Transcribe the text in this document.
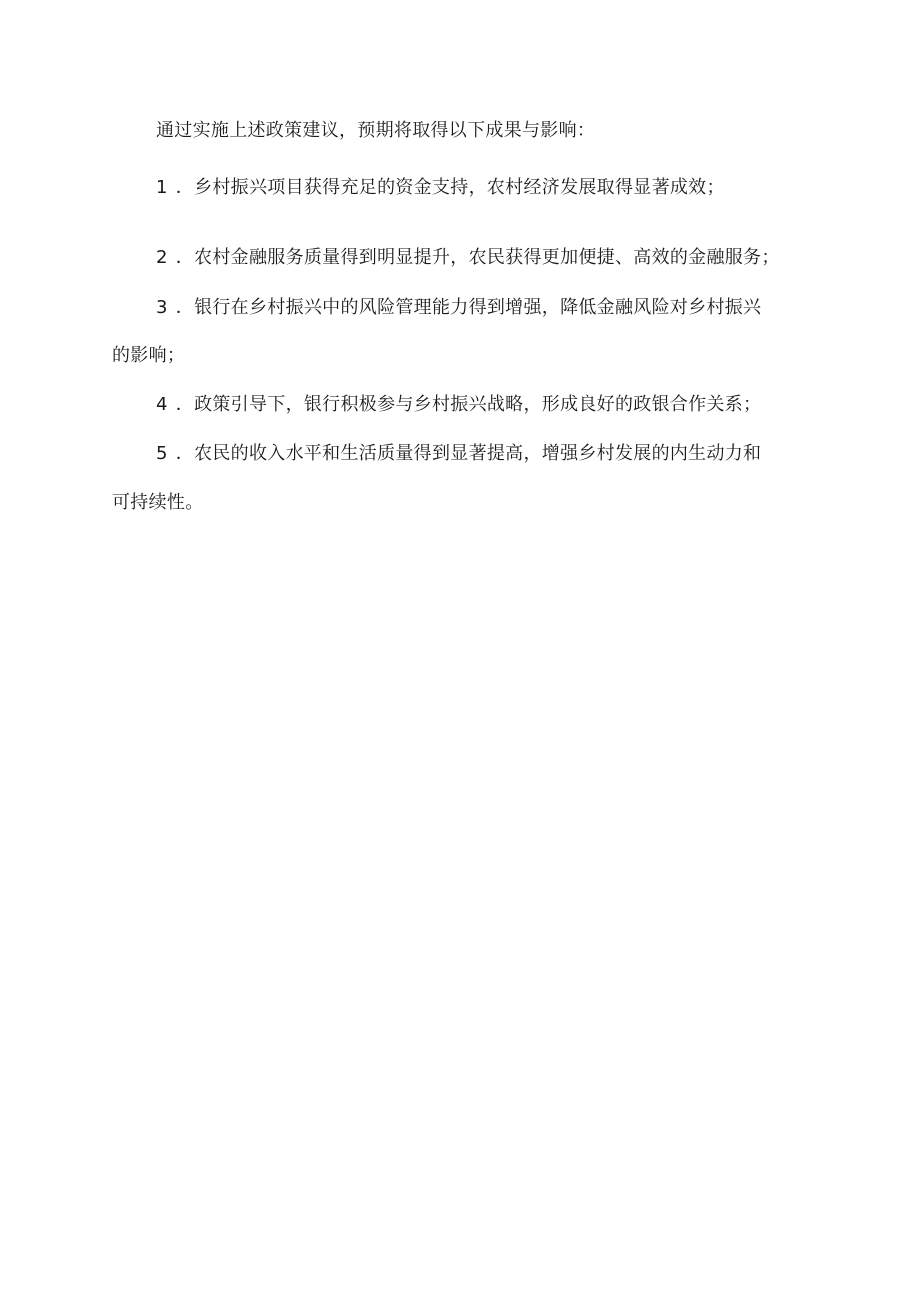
通过实施上述政策建议，预期将取得以下成果与影响：

1 ．乡村振兴项目获得充足的资金支持，农村经济发展取得显著成效；

2 ．农村金融服务质量得到明显提升，农民获得更加便捷、高效的金融服务；

3 ．银行在乡村振兴中的风险管理能力得到增强，降低金融风险对乡村振兴

的影响；

4 ．政策引导下，银行积极参与乡村振兴战略，形成良好的政银合作关系；

5 ．农民的收入水平和生活质量得到显著提高，增强乡村发展的内生动力和

可持续性。
